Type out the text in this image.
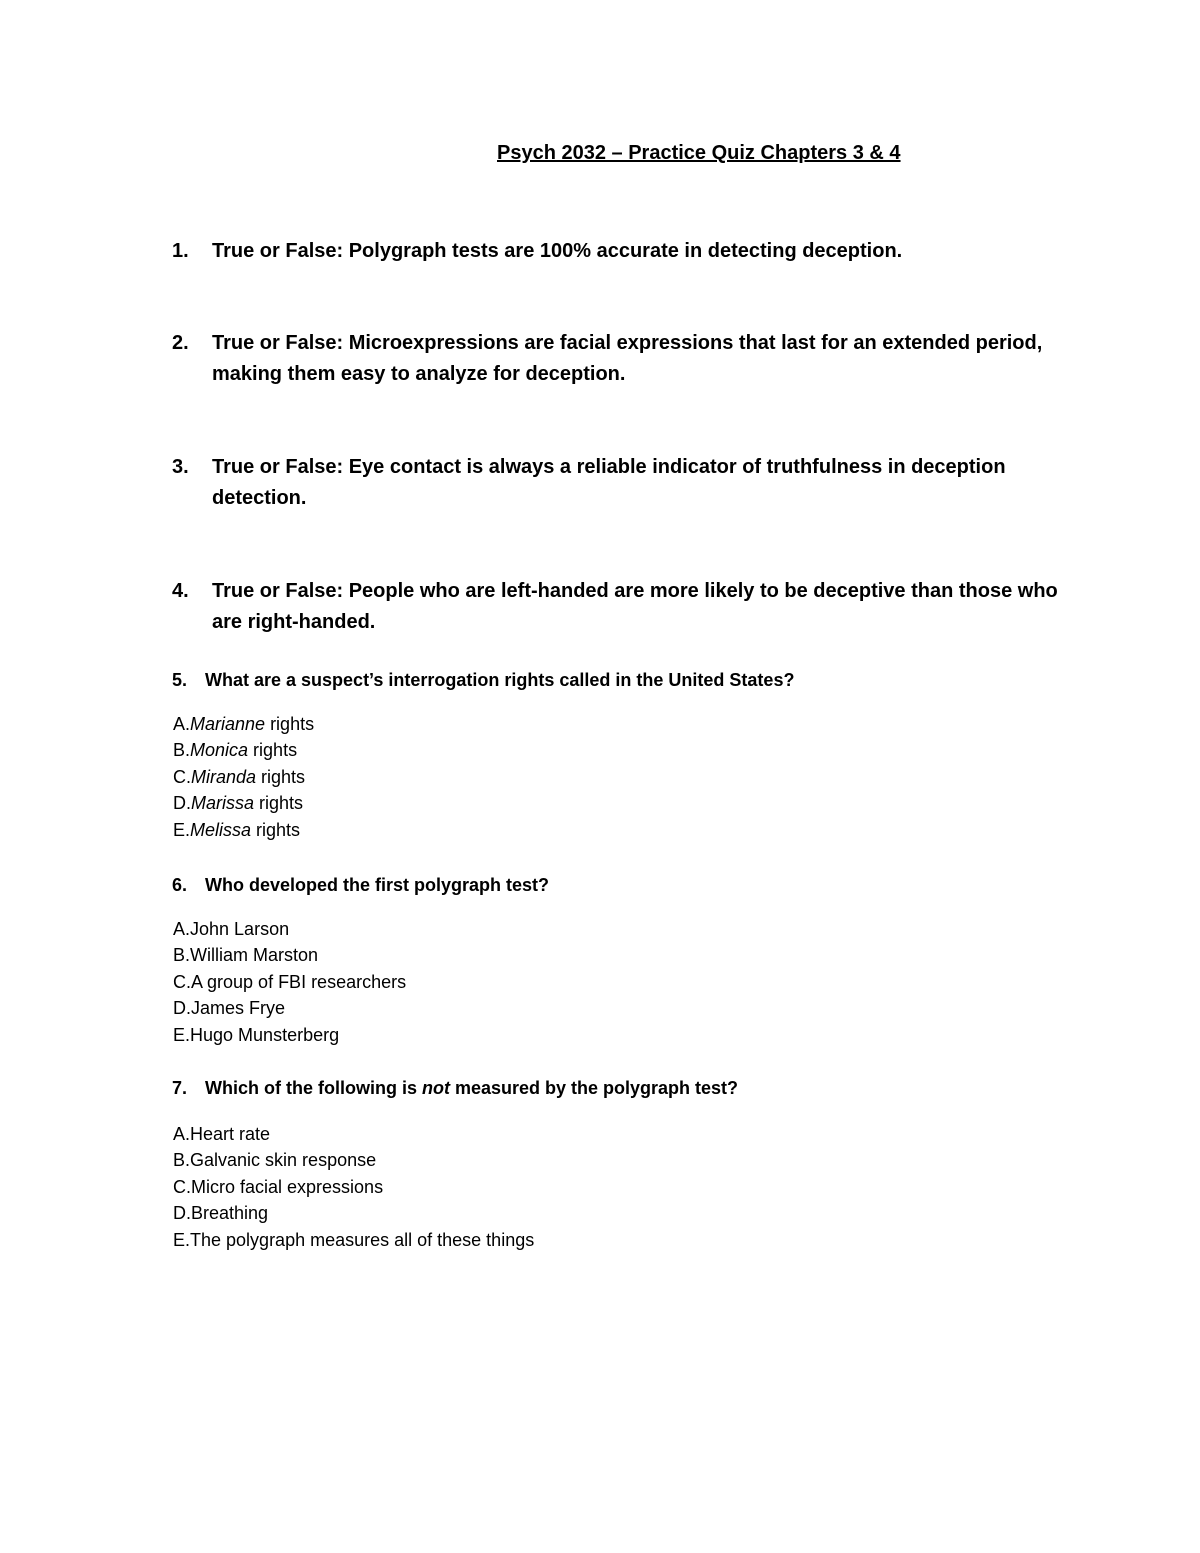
Psych 2032 – Practice Quiz Chapters 3 & 4
1. True or False: Polygraph tests are 100% accurate in detecting deception.
2. True or False: Microexpressions are facial expressions that last for an extended period, making them easy to analyze for deception.
3. True or False: Eye contact is always a reliable indicator of truthfulness in deception detection.
4. True or False: People who are left-handed are more likely to be deceptive than those who are right-handed.
5. What are a suspect’s interrogation rights called in the United States?
A.Marianne rights
B.Monica rights
C.Miranda rights
D.Marissa rights
E.Melissa rights
6. Who developed the first polygraph test?
A.John Larson
B.William Marston
C.A group of FBI researchers
D.James Frye
E.Hugo Munsterberg
7. Which of the following is not measured by the polygraph test?
A.Heart rate
B.Galvanic skin response
C.Micro facial expressions
D.Breathing
E.The polygraph measures all of these things
